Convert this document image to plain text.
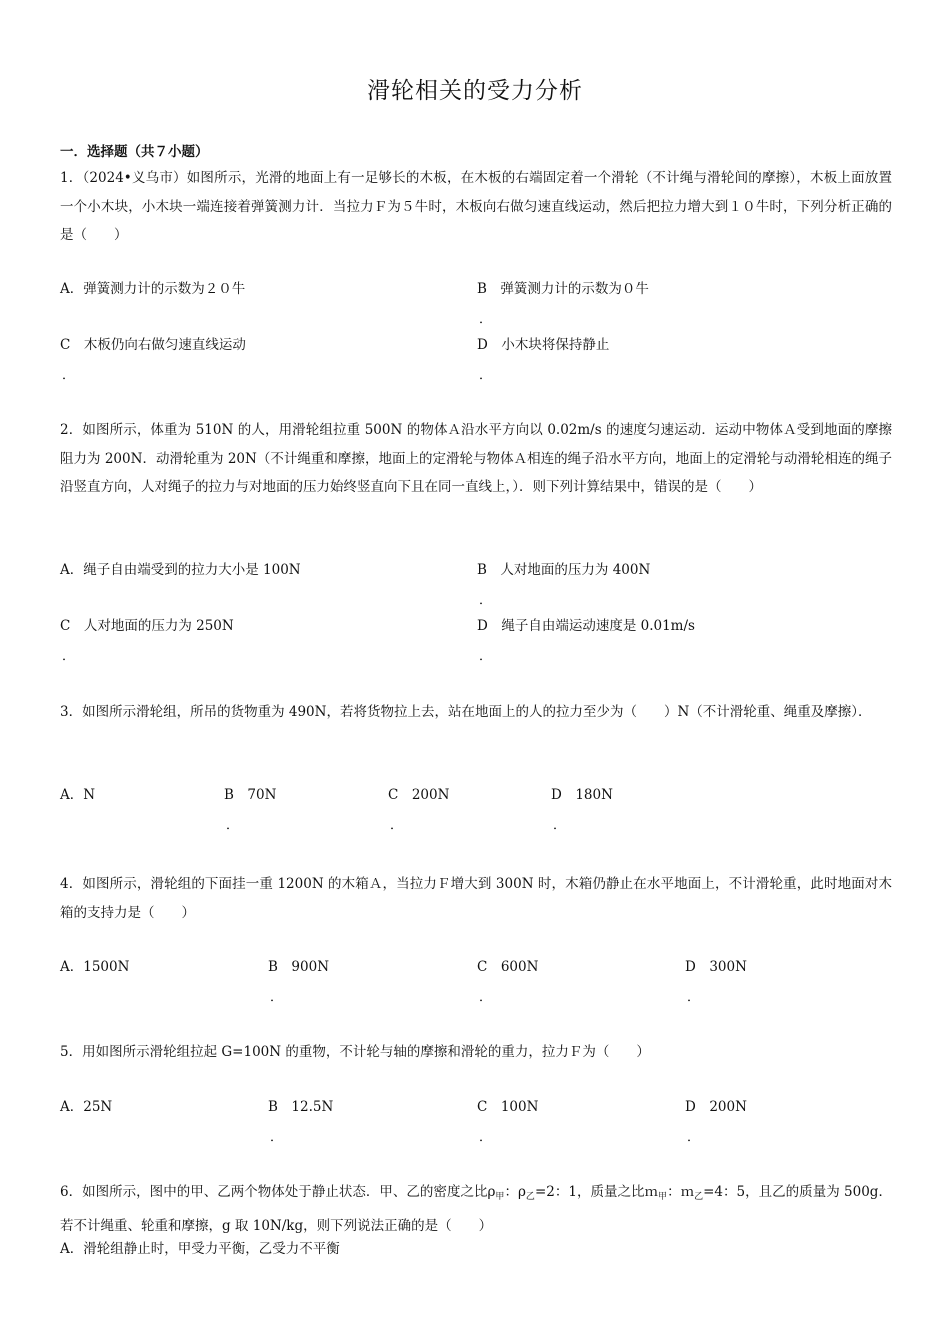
滑轮相关的受力分析
一．选择题（共７小题）
1．（2024•义乌市）如图所示，光滑的地面上有一足够长的木板，在木板的右端固定着一个滑轮（不计绳与滑轮间的摩擦），木板上面放置一个小木块，小木块一端连接着弹簧测力计．当拉力Ｆ为５牛时，木板向右做匀速直线运动，然后把拉力增大到１０牛时，下列分析正确的是（　　）
A．弹簧测力计的示数为２０牛	B　弹簧测力计的示数为０牛
．
C　木板仍向右做匀速直线运动
．
D　小木块将保持静止
．
2．如图所示，体重为 510N 的人，用滑轮组拉重 500N 的物体Ａ沿水平方向以 0.02m/s 的速度匀速运动．运动中物体Ａ受到地面的摩擦阻力为 200N．动滑轮重为 20N（不计绳重和摩擦，地面上的定滑轮与物体Ａ相连的绳子沿水平方向，地面上的定滑轮与动滑轮相连的绳子沿竖直方向，人对绳子的拉力与对地面的压力始终竖直向下且在同一直线上，）．则下列计算结果中，错误的是（　　）
A．绳子自由端受到的拉力大小是 100N	B　人对地面的压力为 400N
．
C　人对地面的压力为 250N
．
D　绳子自由端运动速度是 0.01m/s
．
3．如图所示滑轮组，所吊的货物重为 490N，若将货物拉上去，站在地面上的人的拉力至少为（　　）N（不计滑轮重、绳重及摩擦）．
A．N	B　70N
．
C　200N
．
D　180N
．
4．如图所示，滑轮组的下面挂一重 1200N 的木箱Ａ，当拉力Ｆ增大到 300N 时，木箱仍静止在水平地面上，不计滑轮重，此时地面对木箱的支持力是（　　）
A．1500N	B　900N
．
C　600N
．
D　300N
．
5．用如图所示滑轮组拉起 G=100N 的重物，不计轮与轴的摩擦和滑轮的重力，拉力Ｆ为（　　）
A．25N	B　12.5N
．
C　100N
．
D　200N
．
6．如图所示，图中的甲、乙两个物体处于静止状态．甲、乙的密度之比$\rho_甲$：$\rho_乙=2$：1，质量之比ｍ$_甲$：ｍ$_乙$=4：5，且乙的质量为 500g．若不计绳重、轮重和摩擦，g 取 10N/kg，则下列说法正确的是（　　）
A．滑轮组静止时，甲受力平衡，乙受力不平衡
